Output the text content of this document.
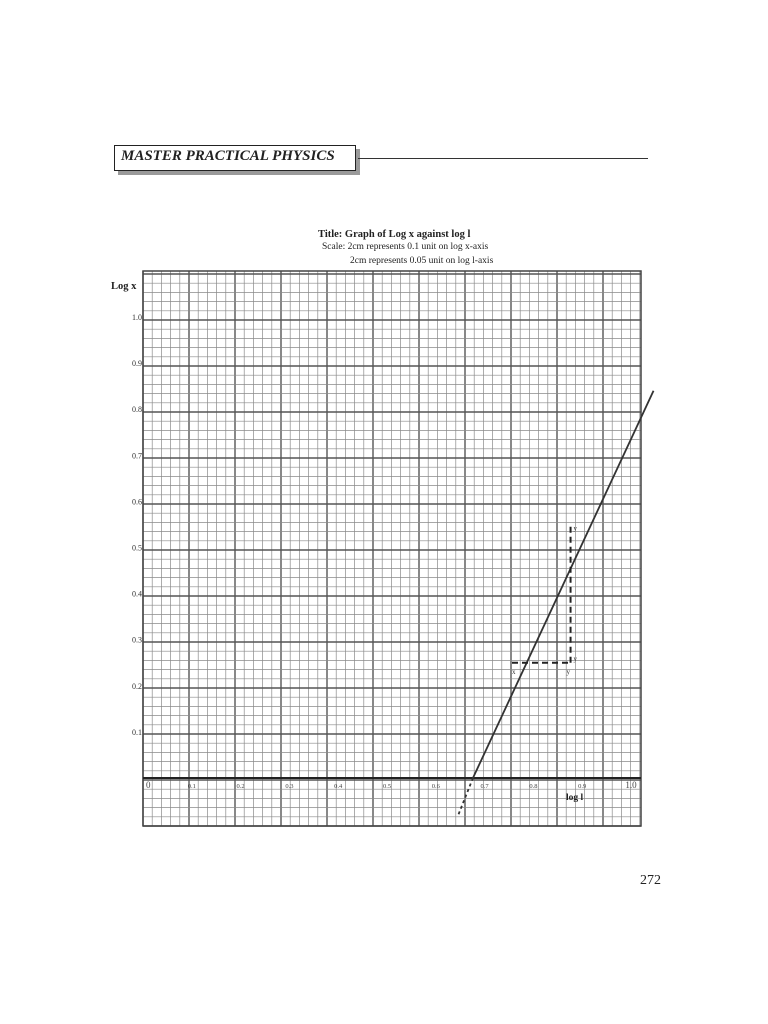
MASTER PRACTICAL PHYSICS
Title: Graph of Log x against log l
Scale: 2cm represents 0.1 unit on log x-axis
2cm represents 0.05 unit on log l-axis
Log x
log l
0.1
0.2
0.3
0.4
0.5
0.6
0.7
0.8
0.9
1.0
0	0.1	0.2	0.3	0.4	0.5	0.6	0.7	0.8	0.9	1.0
y
y
x	y
272
